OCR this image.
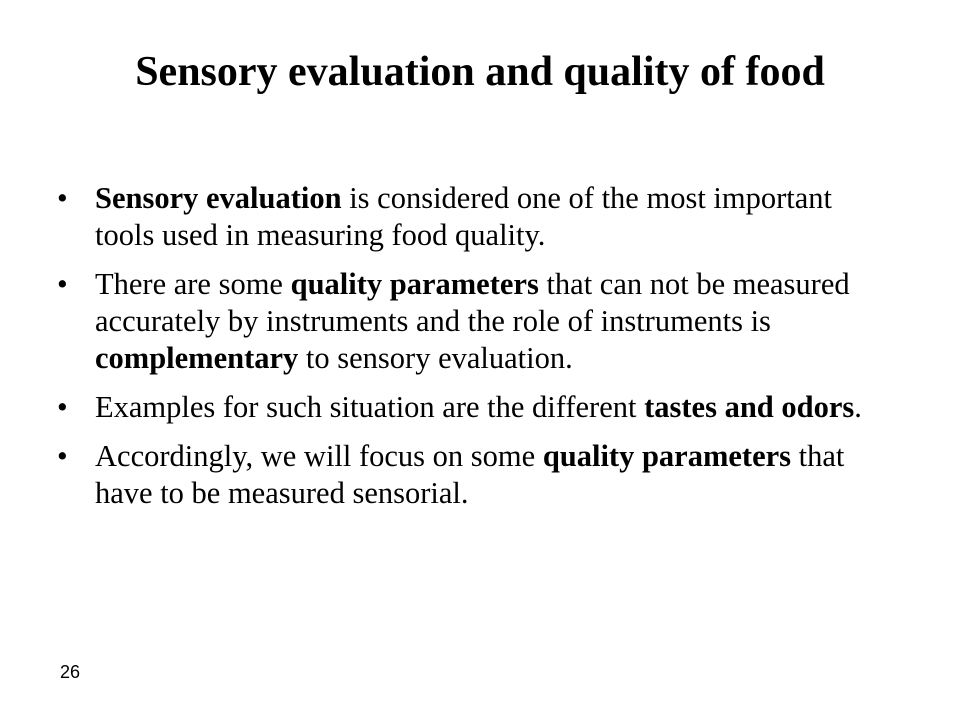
Sensory evaluation and quality of food
• Sensory evaluation is considered one of the most important tools used in measuring food quality.
• There are some quality parameters that can not be measured accurately by instruments and the role of instruments is complementary to sensory evaluation.
• Examples for such situation are the different tastes and odors.
• Accordingly, we will focus on some quality parameters that have to be measured sensorial.
26
